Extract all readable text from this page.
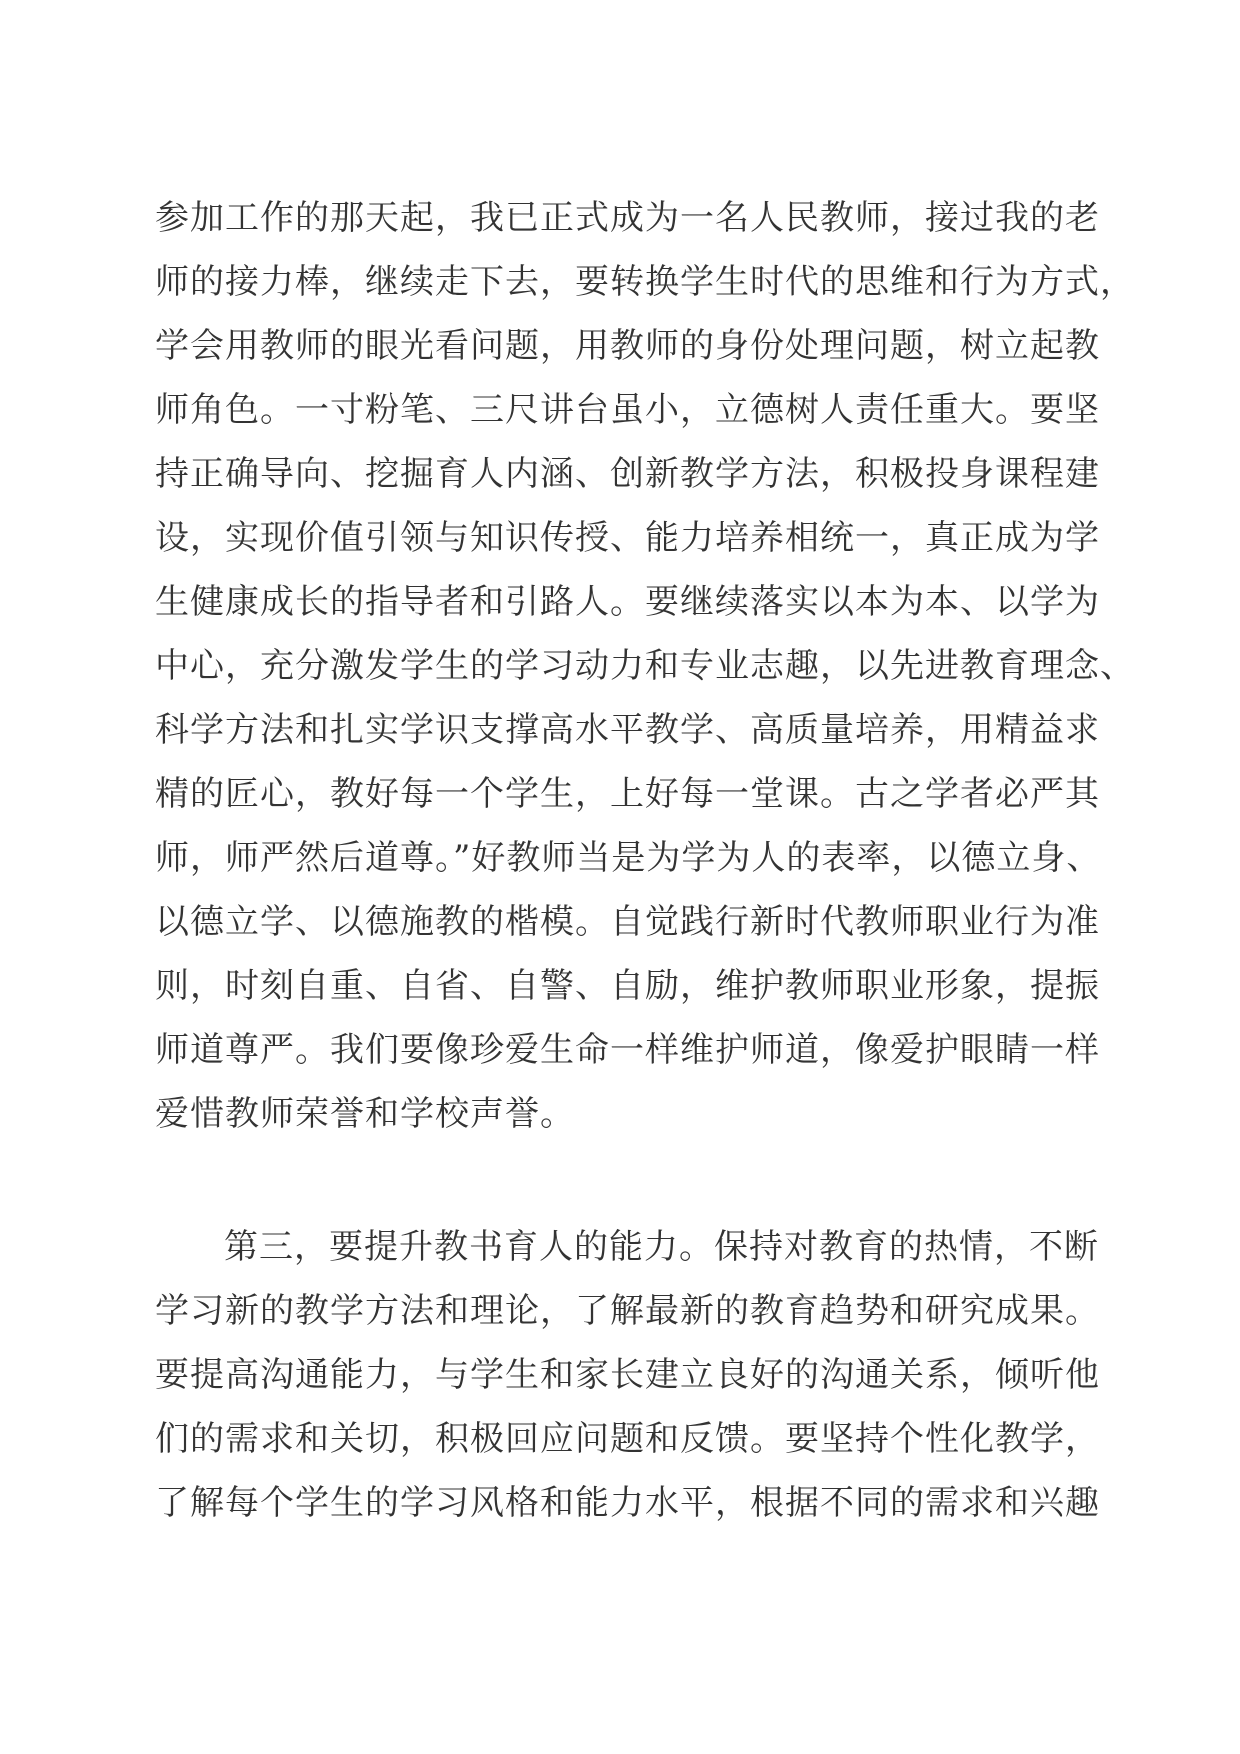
参加工作的那天起，我已正式成为一名人民教师，接过我的老
师的接力棒，继续走下去，要转换学生时代的思维和行为方式，
学会用教师的眼光看问题，用教师的身份处理问题，树立起教
师角色。一寸粉笔、三尺讲台虽小，立德树人责任重大。要坚
持正确导向、挖掘育人内涵、创新教学方法，积极投身课程建
设，实现价值引领与知识传授、能力培养相统一，真正成为学
生健康成长的指导者和引路人。要继续落实以本为本、以学为
中心，充分激发学生的学习动力和专业志趣，以先进教育理念、
科学方法和扎实学识支撑高水平教学、高质量培养，用精益求
精的匠心，教好每一个学生，上好每一堂课。古之学者必严其
师，师严然后道尊。”好教师当是为学为人的表率，以德立身、
以德立学、以德施教的楷模。自觉践行新时代教师职业行为准
则，时刻自重、自省、自警、自励，维护教师职业形象，提振
师道尊严。我们要像珍爱生命一样维护师道，像爱护眼睛一样
爱惜教师荣誉和学校声誉。
第三，要提升教书育人的能力。保持对教育的热情，不断
学习新的教学方法和理论，了解最新的教育趋势和研究成果。
要提高沟通能力，与学生和家长建立良好的沟通关系，倾听他
们的需求和关切，积极回应问题和反馈。要坚持个性化教学，
了解每个学生的学习风格和能力水平，根据不同的需求和兴趣
